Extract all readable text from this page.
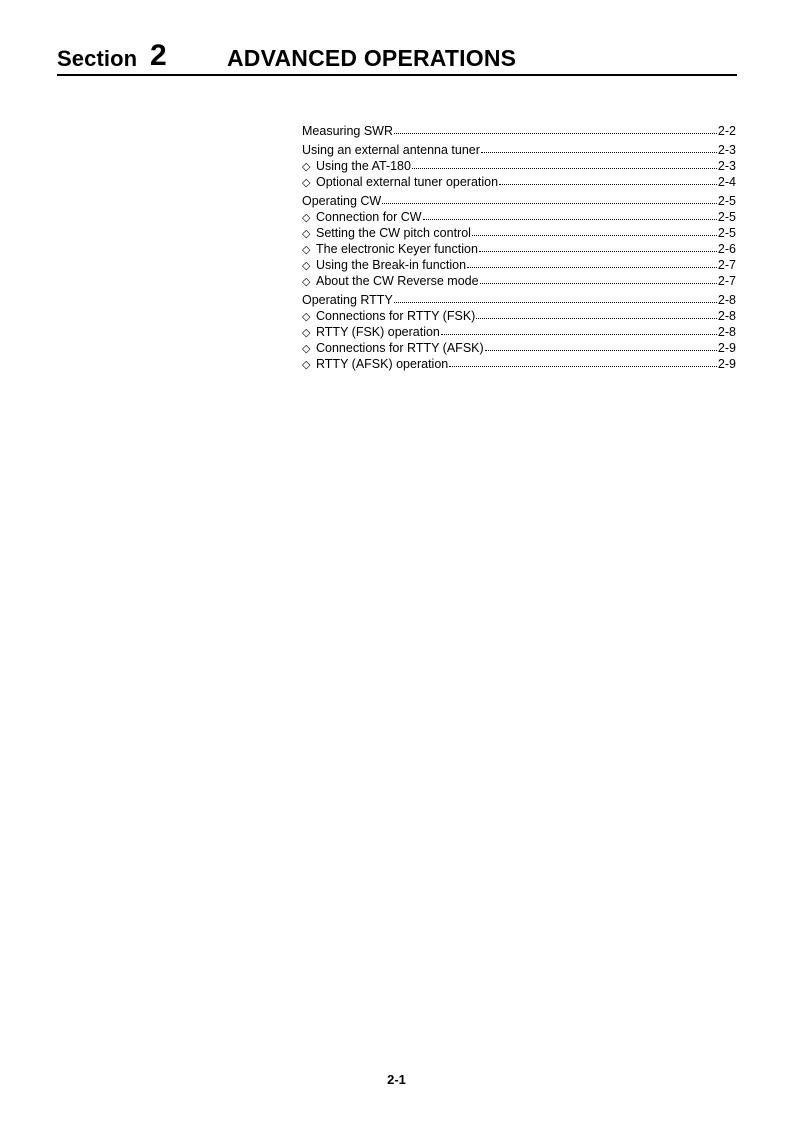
Section 2	ADVANCED OPERATIONS
Measuring SWR	2-2
Using an external antenna tuner	2-3
◇ Using the AT-180	2-3
◇ Optional external tuner operation	2-4
Operating CW	2-5
◇ Connection for CW	2-5
◇ Setting the CW pitch control	2-5
◇ The electronic Keyer function	2-6
◇ Using the Break-in function	2-7
◇ About the CW Reverse mode	2-7
Operating RTTY	2-8
◇ Connections for RTTY (FSK)	2-8
◇ RTTY (FSK) operation	2-8
◇ Connections for RTTY (AFSK)	2-9
◇ RTTY (AFSK) operation	2-9
2-1
